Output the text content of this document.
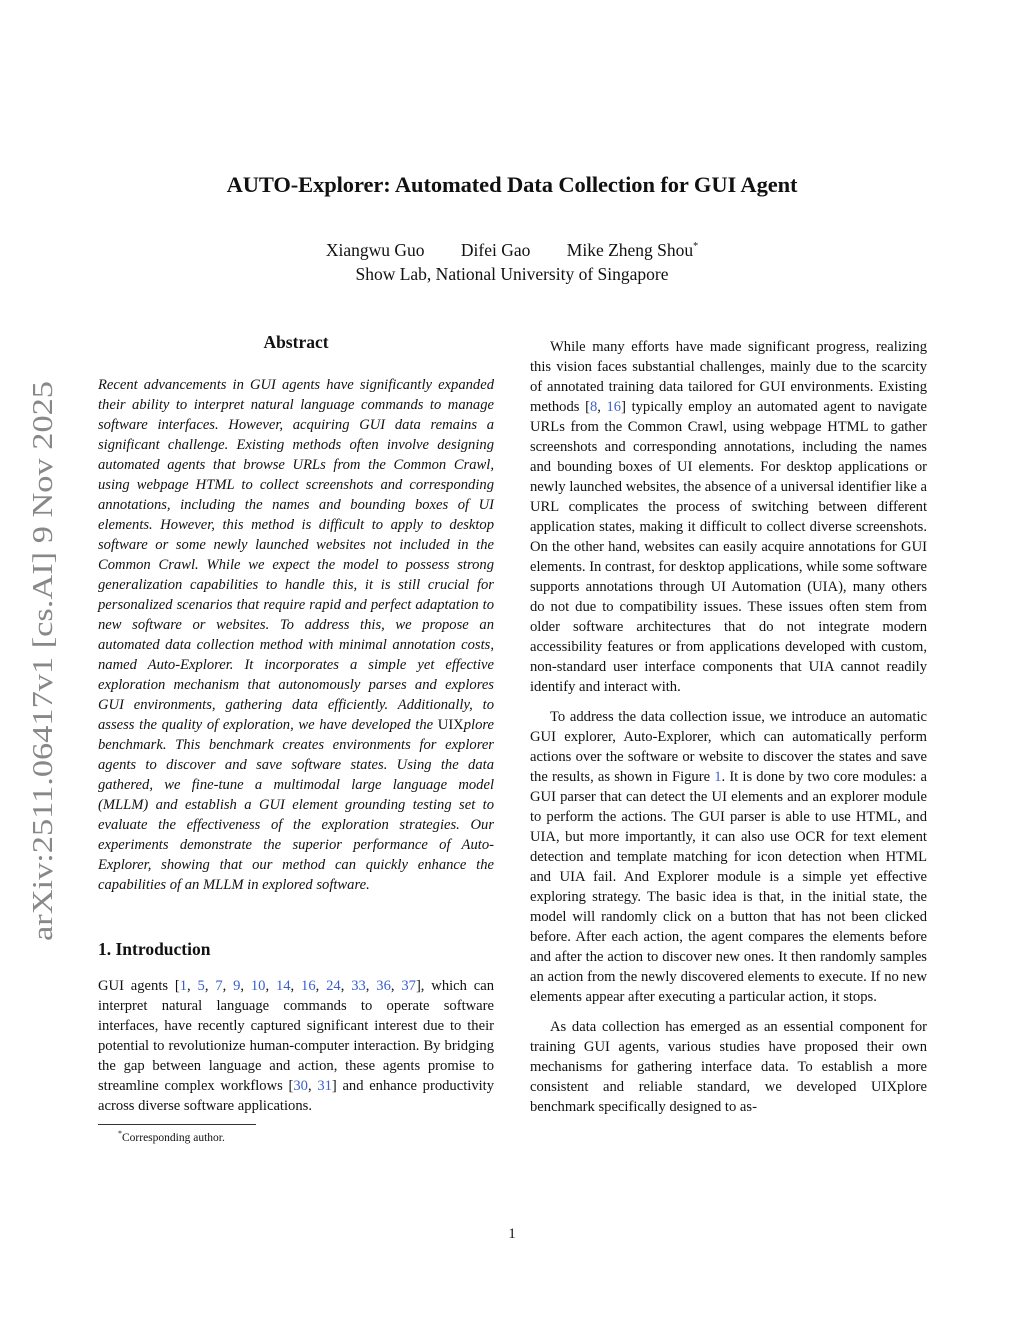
arXiv:2511.06417v1 [cs.AI] 9 Nov 2025
AUTO-Explorer: Automated Data Collection for GUI Agent
Xiangwu Guo Difei Gao Mike Zheng Shou*
Show Lab, National University of Singapore
Abstract

Recent advancements in GUI agents have significantly expanded their ability to interpret natural language commands to manage software interfaces. However, acquiring GUI data remains a significant challenge. Existing methods often involve designing automated agents that browse URLs from the Common Crawl, using webpage HTML to collect screenshots and corresponding annotations, including the names and bounding boxes of UI elements. However, this method is difficult to apply to desktop software or some newly launched websites not included in the Common Crawl. While we expect the model to possess strong generalization capabilities to handle this, it is still crucial for personalized scenarios that require rapid and perfect adaptation to new software or websites. To address this, we propose an automated data collection method with minimal annotation costs, named Auto-Explorer. It incorporates a simple yet effective exploration mechanism that autonomously parses and explores GUI environments, gathering data efficiently. Additionally, to assess the quality of exploration, we have developed the UIXplore benchmark. This benchmark creates environments for explorer agents to discover and save software states. Using the data gathered, we fine-tune a multimodal large language model (MLLM) and establish a GUI element grounding testing set to evaluate the effectiveness of the exploration strategies. Our experiments demonstrate the superior performance of Auto-Explorer, showing that our method can quickly enhance the capabilities of an MLLM in explored software.

1. Introduction

GUI agents [1, 5, 7, 9, 10, 14, 16, 24, 33, 36, 37], which can interpret natural language commands to operate software interfaces, have recently captured significant interest due to their potential to revolutionize human-computer interaction. By bridging the gap between language and action, these agents promise to streamline complex workflows [30, 31] and enhance productivity across diverse software applications.

*Corresponding author.

While many efforts have made significant progress, realizing this vision faces substantial challenges, mainly due to the scarcity of annotated training data tailored for GUI environments. Existing methods [8, 16] typically employ an automated agent to navigate URLs from the Common Crawl, using webpage HTML to gather screenshots and corresponding annotations, including the names and bounding boxes of UI elements. For desktop applications or newly launched websites, the absence of a universal identifier like a URL complicates the process of switching between different application states, making it difficult to collect diverse screenshots. On the other hand, websites can easily acquire annotations for GUI elements. In contrast, for desktop applications, while some software supports annotations through UI Automation (UIA), many others do not due to compatibility issues. These issues often stem from older software architectures that do not integrate modern accessibility features or from applications developed with custom, non-standard user interface components that UIA cannot readily identify and interact with.

To address the data collection issue, we introduce an automatic GUI explorer, Auto-Explorer, which can automatically perform actions over the software or website to discover the states and save the results, as shown in Figure 1. It is done by two core modules: a GUI parser that can detect the UI elements and an explorer module to perform the actions. The GUI parser is able to use HTML, and UIA, but more importantly, it can also use OCR for text element detection and template matching for icon detection when HTML and UIA fail. And Explorer module is a simple yet effective exploring strategy. The basic idea is that, in the initial state, the model will randomly click on a button that has not been clicked before. After each action, the agent compares the elements before and after the action to discover new ones. It then randomly samples an action from the newly discovered elements to execute. If no new elements appear after executing a particular action, it stops.

As data collection has emerged as an essential component for training GUI agents, various studies have proposed their own mechanisms for gathering interface data. To establish a more consistent and reliable standard, we developed UIXplore benchmark specifically designed to as-

1
